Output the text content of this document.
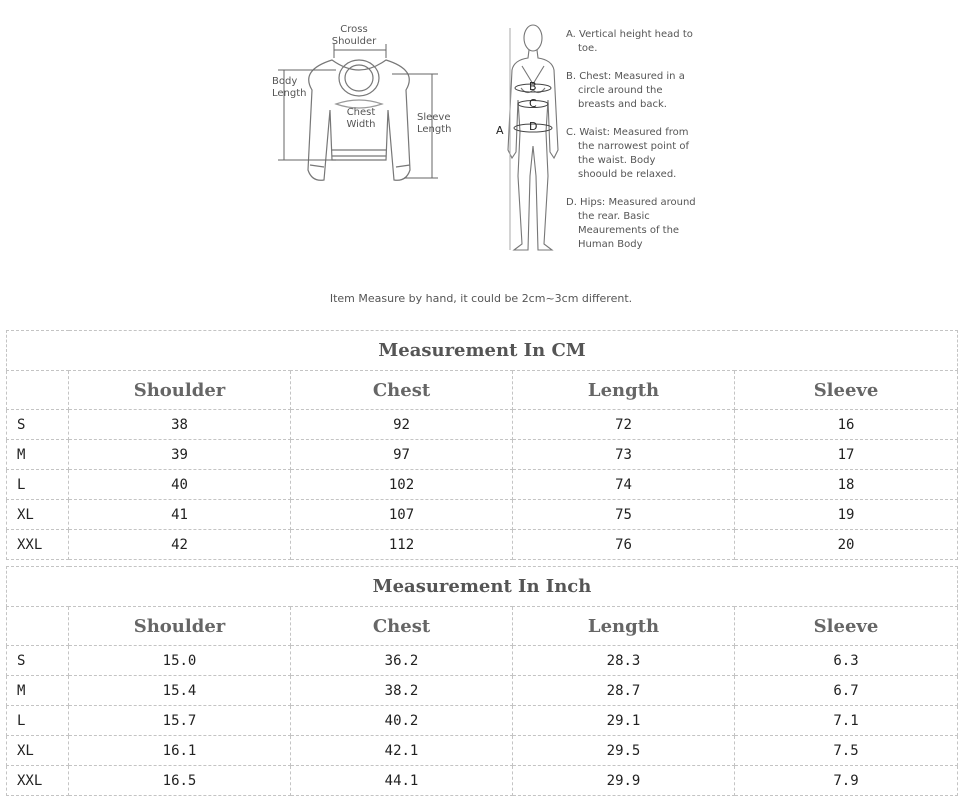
Cross
Shoulder
Body
Length
Chest
Width
Sleeve
Length	A
B
C
D
A. Vertical height head to toe.
B. Chest: Measured in a circle around the breasts and back.
C. Waist: Measured from the narrowest point of the waist. Body shoould be relaxed.
D. Hips: Measured around the rear. Basic Meaurements of the Human Body
Item Measure by hand, it could be 2cm~3cm different.
Measurement In CM				
	Shoulder	Chest	Length	Sleeve
S	38	92	72	16
M	39	97	73	17
L	40	102	74	18
XL	41	107	75	19
XXL	42	112	76	20
Measurement In Inch				
	Shoulder	Chest	Length	Sleeve
S	15.0	36.2	28.3	6.3
M	15.4	38.2	28.7	6.7
L	15.7	40.2	29.1	7.1
XL	16.1	42.1	29.5	7.5
XXL	16.5	44.1	29.9	7.9
